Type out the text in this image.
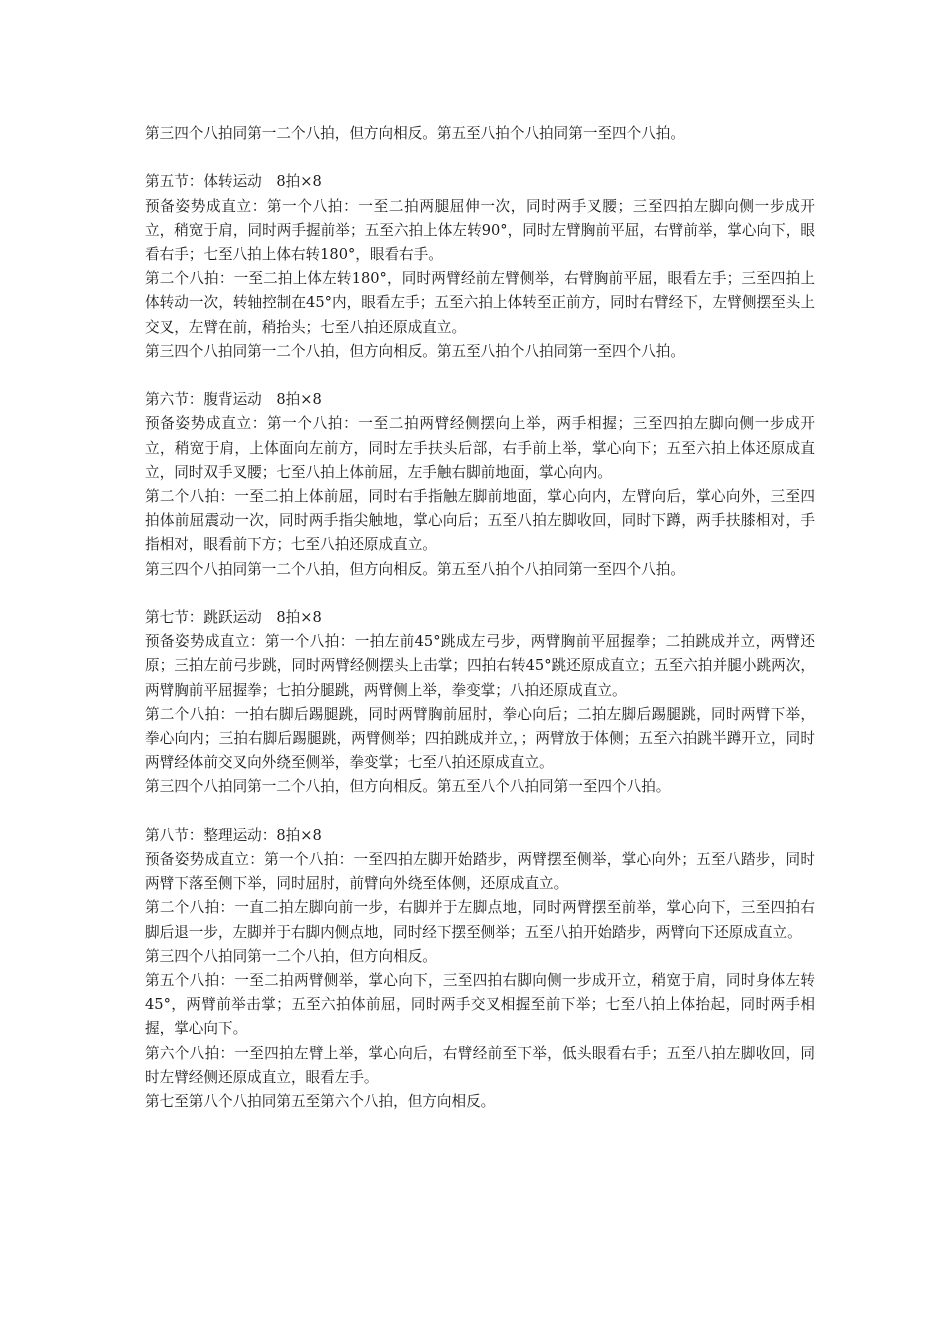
第三四个八拍同第一二个八拍，但方向相反。第五至八拍个八拍同第一至四个八拍。

第五节：体转运动　8拍×8

预备姿势成直立：第一个八拍：一至二拍两腿屈伸一次，同时两手叉腰；三至四拍左脚向侧一步成开立，稍宽于肩，同时两手握前举；五至六拍上体左转90°，同时左臂胸前平屈，右臂前举，掌心向下，眼看右手；七至八拍上体右转180°，眼看右手。

第二个八拍：一至二拍上体左转180°，同时两臂经前左臂侧举，右臂胸前平屈，眼看左手；三至四拍上体转动一次，转轴控制在45°内，眼看左手；五至六拍上体转至正前方，同时右臂经下，左臂侧摆至头上交叉，左臂在前，稍抬头；七至八拍还原成直立。

第三四个八拍同第一二个八拍，但方向相反。第五至八拍个八拍同第一至四个八拍。

第六节：腹背运动　8拍×8

预备姿势成直立：第一个八拍：一至二拍两臂经侧摆向上举，两手相握；三至四拍左脚向侧一步成开立，稍宽于肩，上体面向左前方，同时左手扶头后部，右手前上举，掌心向下；五至六拍上体还原成直立，同时双手叉腰；七至八拍上体前屈，左手触右脚前地面，掌心向内。

第二个八拍：一至二拍上体前屈，同时右手指触左脚前地面，掌心向内，左臂向后，掌心向外，三至四拍体前屈震动一次，同时两手指尖触地，掌心向后；五至八拍左脚收回，同时下蹲，两手扶膝相对，手指相对，眼看前下方；七至八拍还原成直立。

第三四个八拍同第一二个八拍，但方向相反。第五至八拍个八拍同第一至四个八拍。

第七节：跳跃运动　8拍×8

预备姿势成直立：第一个八拍：一拍左前45°跳成左弓步，两臂胸前平屈握拳；二拍跳成并立，两臂还原；三拍左前弓步跳，同时两臂经侧摆头上击掌；四拍右转45°跳还原成直立；五至六拍并腿小跳两次，两臂胸前平屈握拳；七拍分腿跳，两臂侧上举，拳变掌；八拍还原成直立。

第二个八拍：一拍右脚后踢腿跳，同时两臂胸前屈肘，拳心向后；二拍左脚后踢腿跳，同时两臂下举，拳心向内；三拍右脚后踢腿跳，两臂侧举；四拍跳成并立，；两臂放于体侧；五至六拍跳半蹲开立，同时两臂经体前交叉向外绕至侧举，拳变掌；七至八拍还原成直立。

第三四个八拍同第一二个八拍，但方向相反。第五至八个八拍同第一至四个八拍。

第八节：整理运动：8拍×8

预备姿势成直立：第一个八拍：一至四拍左脚开始踏步，两臂摆至侧举，掌心向外；五至八踏步，同时两臂下落至侧下举，同时屈肘，前臂向外绕至体侧，还原成直立。

第二个八拍：一直二拍左脚向前一步，右脚并于左脚点地，同时两臂摆至前举，掌心向下，三至四拍右脚后退一步，左脚并于右脚内侧点地，同时经下摆至侧举；五至八拍开始踏步，两臂向下还原成直立。

第三四个八拍同第一二个八拍，但方向相反。

第五个八拍：一至二拍两臂侧举，掌心向下，三至四拍右脚向侧一步成开立，稍宽于肩，同时身体左转45°，两臂前举击掌；五至六拍体前屈，同时两手交叉相握至前下举；七至八拍上体抬起，同时两手相握，掌心向下。

第六个八拍：一至四拍左臂上举，掌心向后，右臂经前至下举，低头眼看右手；五至八拍左脚收回，同时左臂经侧还原成直立，眼看左手。

第七至第八个八拍同第五至第六个八拍，但方向相反。
